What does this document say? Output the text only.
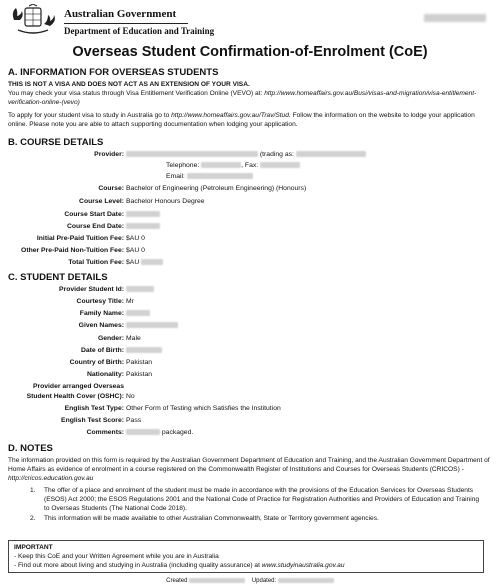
Australian Government
Department of Education and Training
Overseas Student Confirmation-of-Enrolment (CoE)
A. INFORMATION FOR OVERSEAS STUDENTS
THIS IS NOT A VISA AND DOES NOT ACT AS AN EXTENSION OF YOUR VISA.
You may check your visa status through Visa Entitlement Verification Online (VEVO) at: http://www.homeaffairs.gov.au/Busi/visas-and-migration/visa-entitlement-verification-online-(vevo)
To apply for your student visa to study in Australia go to http://www.homeaffairs.gov.au/Trav/Stud. Follow the information on the website to lodge your application online. Please note you are able to attach supporting documentation when lodging your application.
B. COURSE DETAILS
Provider:	(trading as:
Telephone:	, Fax:
Email:
Course: Bachelor of Engineering (Petroleum Engineering) (Honours)
Course Level: Bachelor Honours Degree
Course Start Date:
Course End Date:
Initial Pre-Paid Tuition Fee: $AU 0
Other Pre-Paid Non-Tuition Fee: $AU 0
Total Tuition Fee: $AU
C. STUDENT DETAILS
Provider Student Id:
Courtesy Title: Mr
Family Name:
Given Names:
Gender: Male
Date of Birth:
Country of Birth: Pakistan
Nationality: Pakistan
Provider arranged Overseas
Student Health Cover (OSHC): No
English Test Type: Other Form of Testing which Satisfies the Institution
English Test Score: Pass
Comments:	packaged.
D. NOTES
The information provided on this form is required by the Australian Government Department of Education and Training, and the Australian Government Department of Home Affairs as evidence of enrolment in a course registered on the Commonwealth Register of Institutions and Courses for Overseas Students (CRICOS) - http://cricos.education.gov.au
1. The offer of a place and enrolment of the student must be made in accordance with the provisions of the Education Services for Overseas Students (ESOS) Act 2000; the ESOS Regulations 2001 and the National Code of Practice for Registration Authorities and Providers of Education and Training to Overseas Students (The National Code 2018).
2. This information will be made available to other Australian Commonwealth, State or Territory government agencies.
IMPORTANT
- Keep this CoE and your Written Agreement while you are in Australia
- Find out more about living and studying in Australia (including quality assurance) at www.studyinaustralia.gov.au
Created	Updated:
